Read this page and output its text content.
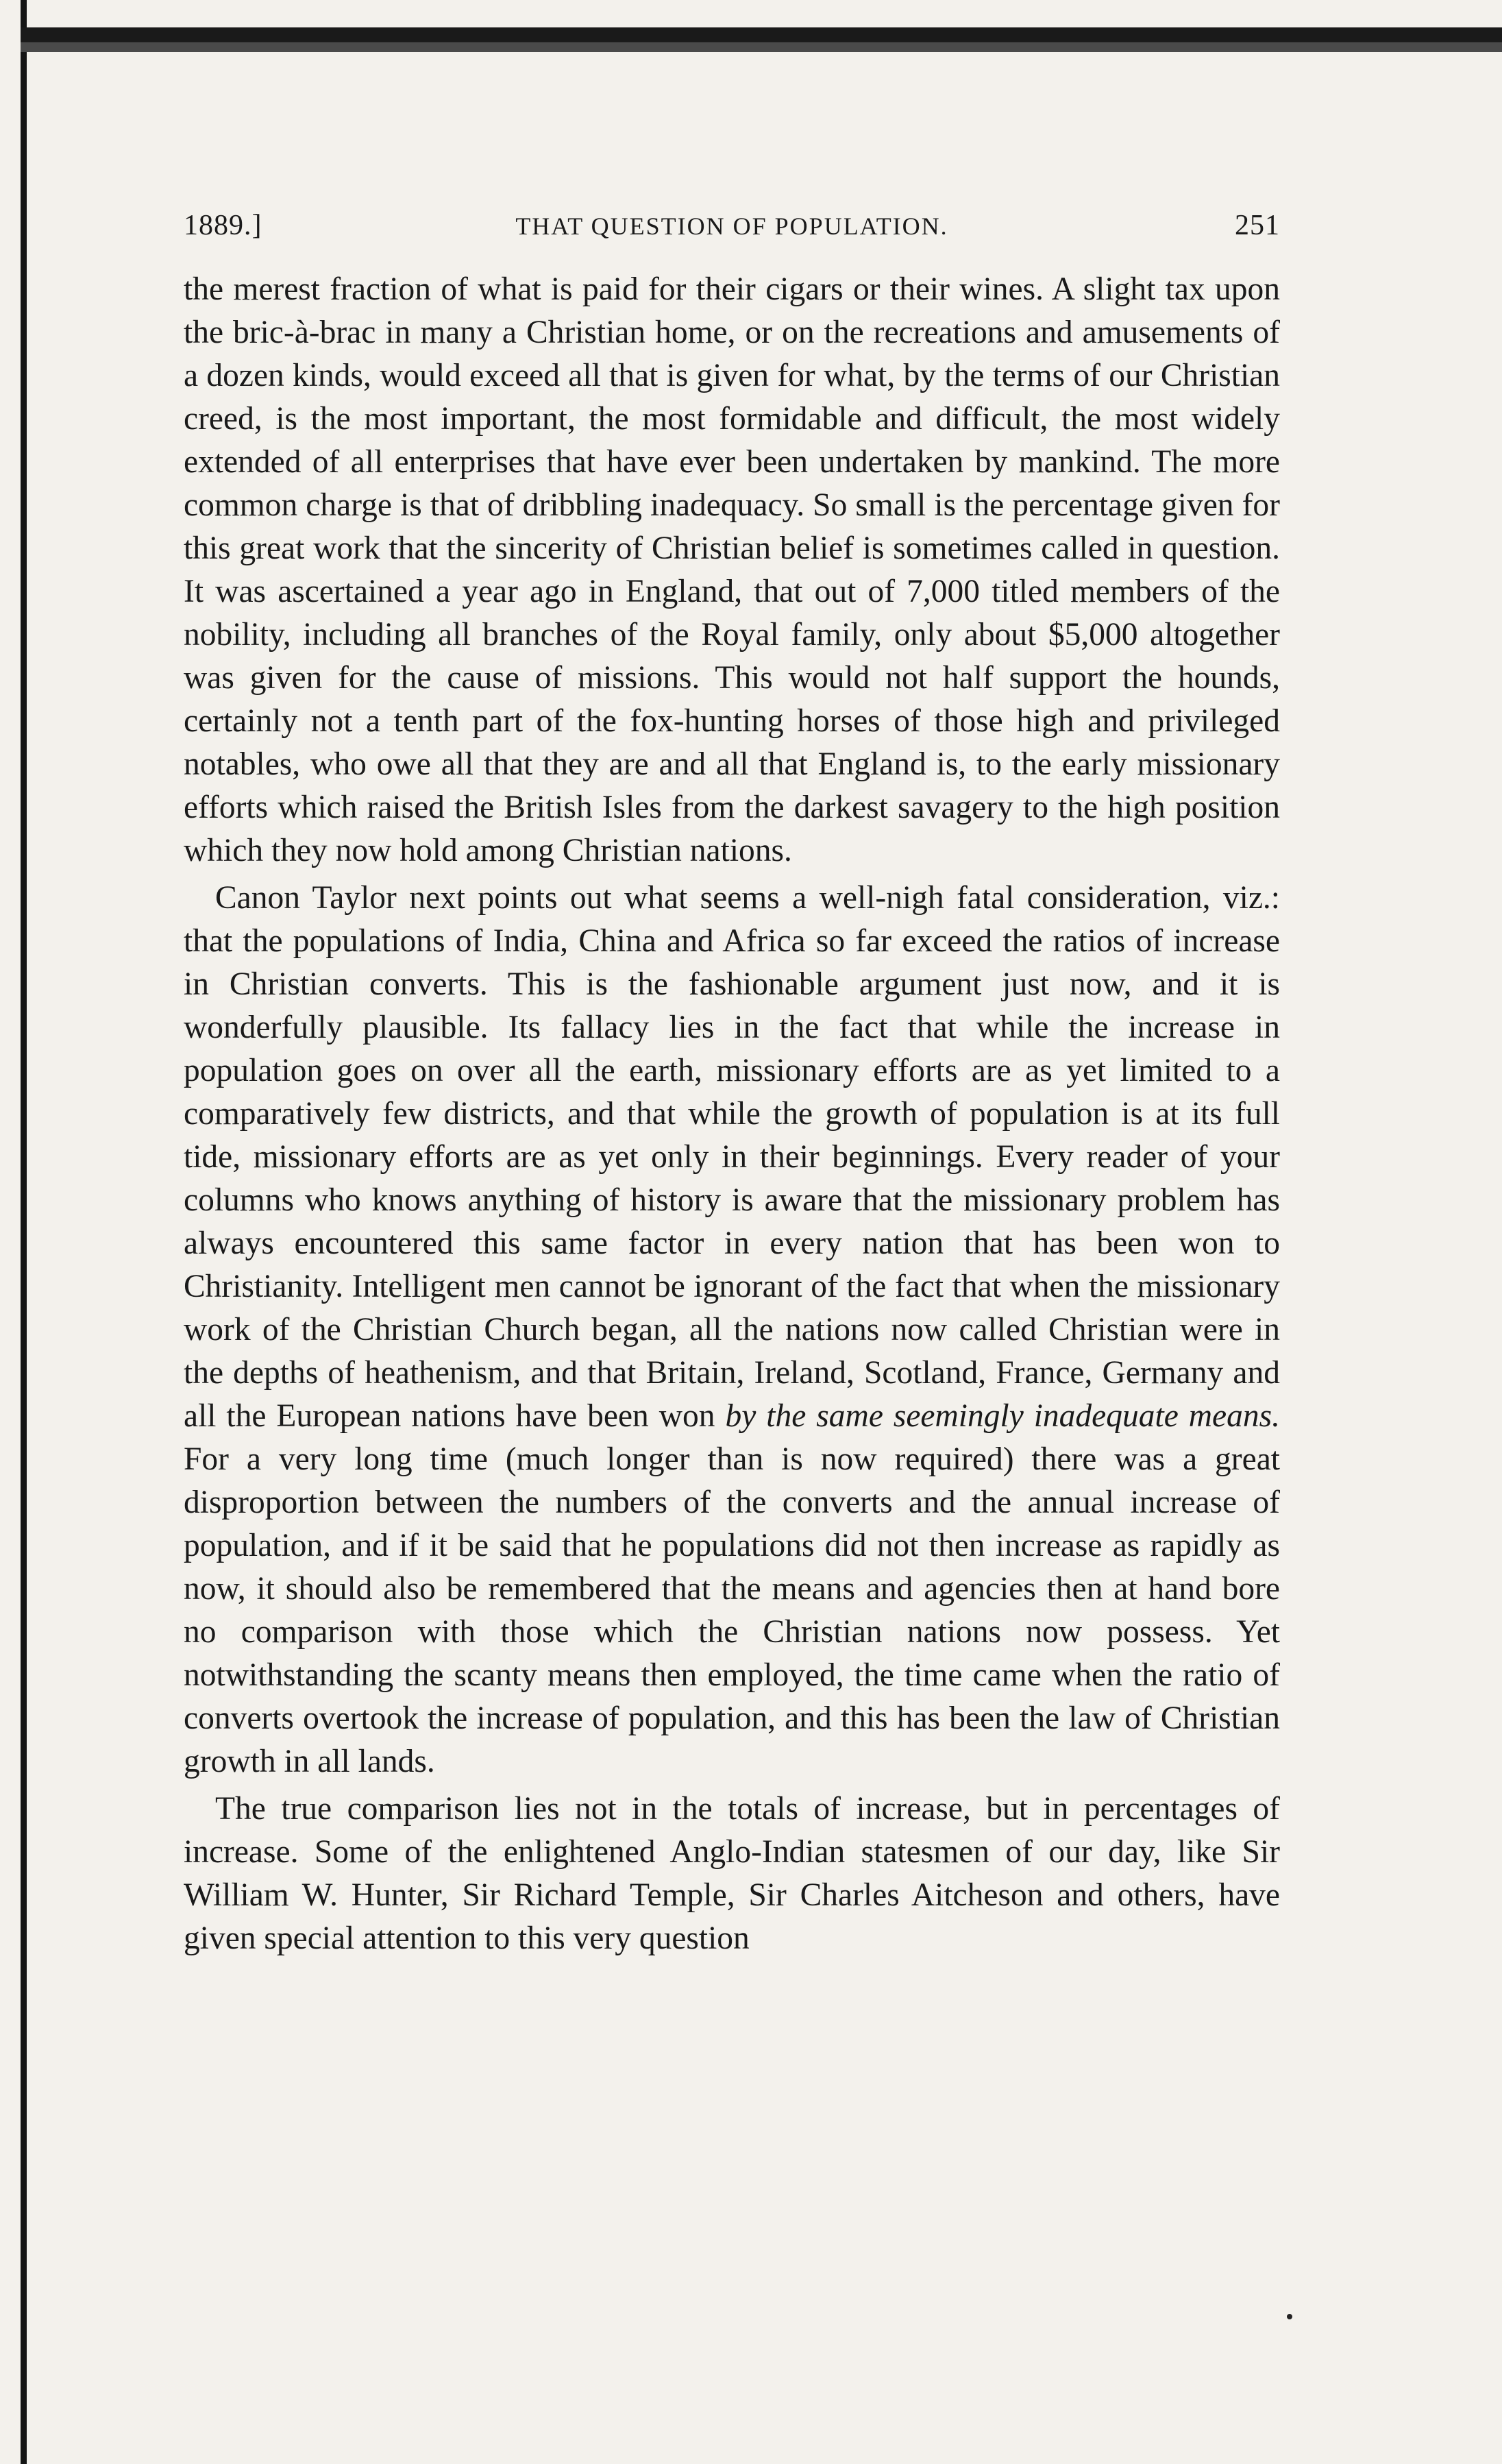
1889.]	THAT QUESTION OF POPULATION.	251

the merest fraction of what is paid for their cigars or their wines. A slight tax upon the bric-à-brac in many a Christian home, or on the recreations and amusements of a dozen kinds, would exceed all that is given for what, by the terms of our Christian creed, is the most important, the most formidable and difficult, the most widely extended of all enterprises that have ever been undertaken by mankind. The more common charge is that of dribbling inadequacy. So small is the percentage given for this great work that the sincerity of Christian belief is sometimes called in question. It was ascertained a year ago in England, that out of 7,000 titled members of the nobility, including all branches of the Royal family, only about $5,000 altogether was given for the cause of missions. This would not half support the hounds, certainly not a tenth part of the fox-hunting horses of those high and privileged notables, who owe all that they are and all that England is, to the early missionary efforts which raised the British Isles from the darkest savagery to the high position which they now hold among Christian nations.

Canon Taylor next points out what seems a well-nigh fatal consideration, viz.: that the populations of India, China and Africa so far exceed the ratios of increase in Christian converts. This is the fashionable argument just now, and it is wonderfully plausible. Its fallacy lies in the fact that while the increase in population goes on over all the earth, missionary efforts are as yet limited to a comparatively few districts, and that while the growth of population is at its full tide, missionary efforts are as yet only in their beginnings. Every reader of your columns who knows anything of history is aware that the missionary problem has always encountered this same factor in every nation that has been won to Christianity. Intelligent men cannot be ignorant of the fact that when the missionary work of the Christian Church began, all the nations now called Christian were in the depths of heathenism, and that Britain, Ireland, Scotland, France, Germany and all the European nations have been won by the same seemingly inadequate means. For a very long time (much longer than is now required) there was a great disproportion between the numbers of the converts and the annual increase of population, and if it be said that he populations did not then increase as rapidly as now, it should also be remembered that the means and agencies then at hand bore no comparison with those which the Christian nations now possess. Yet notwithstanding the scanty means then employed, the time came when the ratio of converts overtook the increase of population, and this has been the law of Christian growth in all lands.

The true comparison lies not in the totals of increase, but in percentages of increase. Some of the enlightened Anglo-Indian statesmen of our day, like Sir William W. Hunter, Sir Richard Temple, Sir Charles Aitcheson and others, have given special attention to this very question
